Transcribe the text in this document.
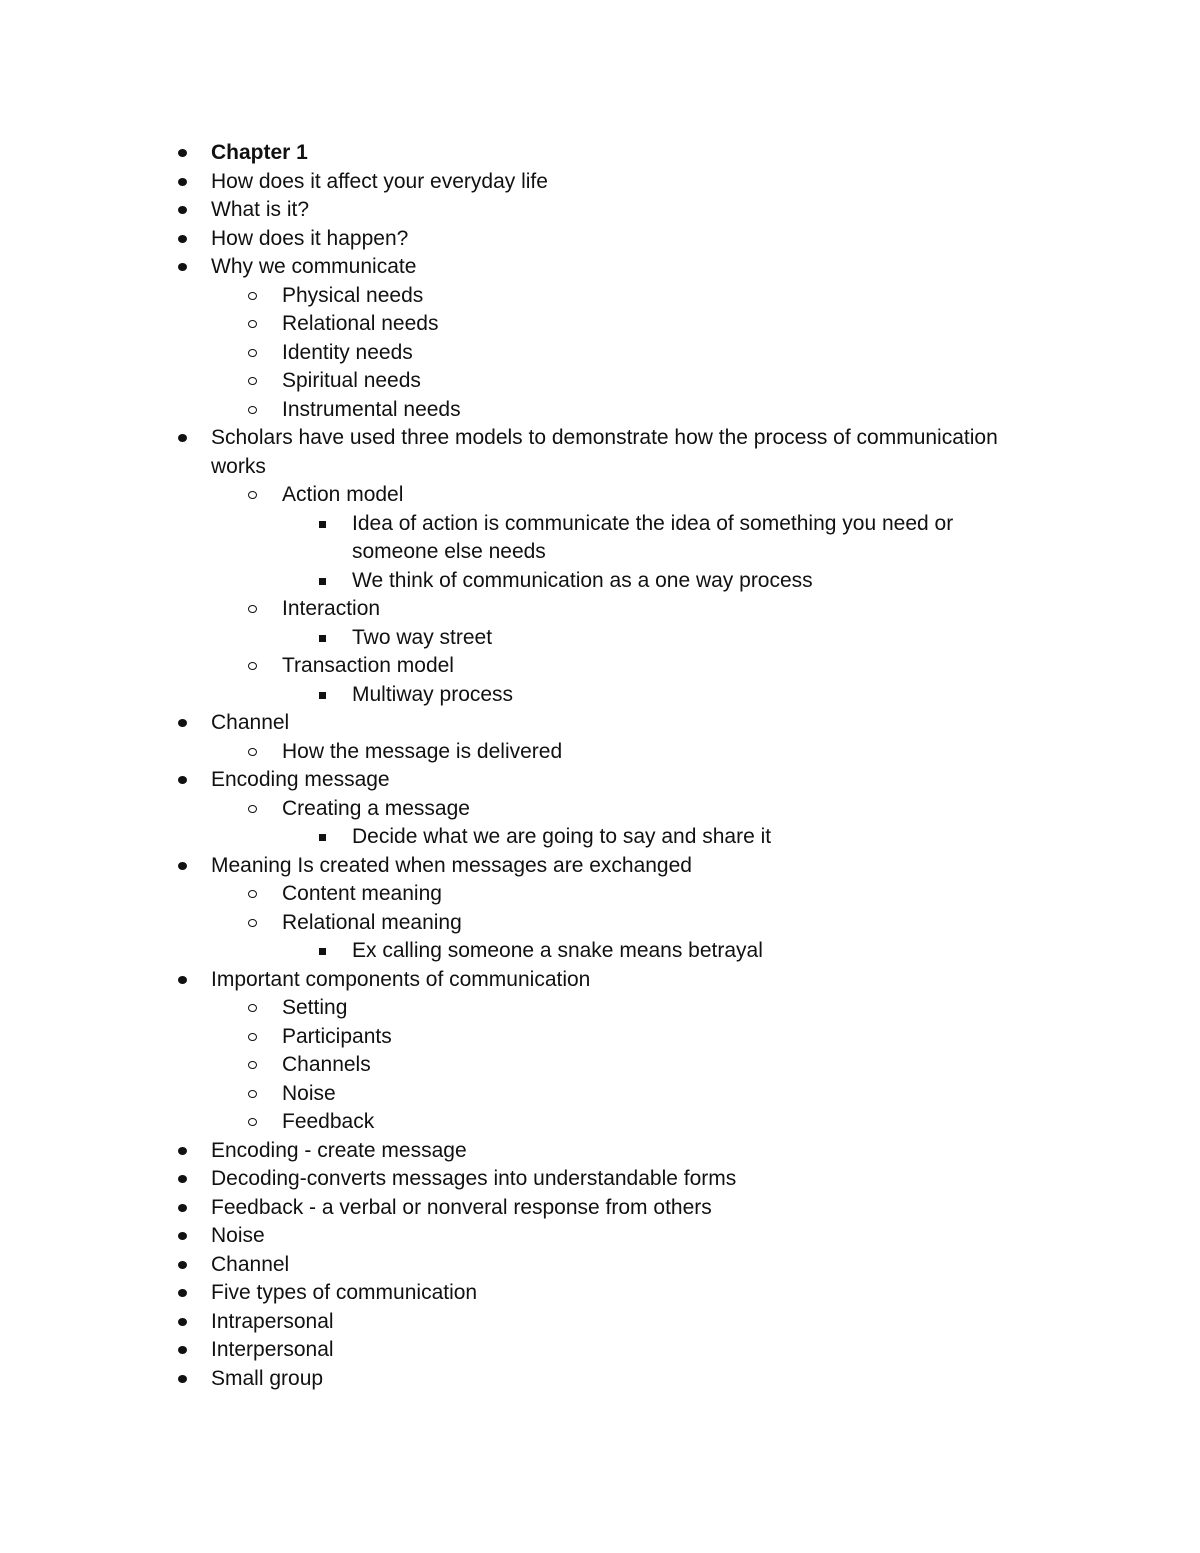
Chapter 1
How does it affect your everyday life
What is it?
How does it happen?
Why we communicate
Physical needs
Relational needs
Identity needs
Spiritual needs
Instrumental needs
Scholars have used three models to demonstrate how the process of communication works
Action model
Idea of action is communicate the idea of something you need or someone else needs
We think of communication as a one way process
Interaction
Two way street
Transaction model
Multiway process
Channel
How the message is delivered
Encoding message
Creating a message
Decide what we are going to say and share it
Meaning Is created when messages are exchanged
Content meaning
Relational meaning
Ex calling someone a snake means betrayal
Important components of communication
Setting
Participants
Channels
Noise
Feedback
Encoding - create message
Decoding-converts messages into understandable forms
Feedback - a verbal or nonveral response from others
Noise
Channel
Five types of communication
Intrapersonal
Interpersonal
Small group
